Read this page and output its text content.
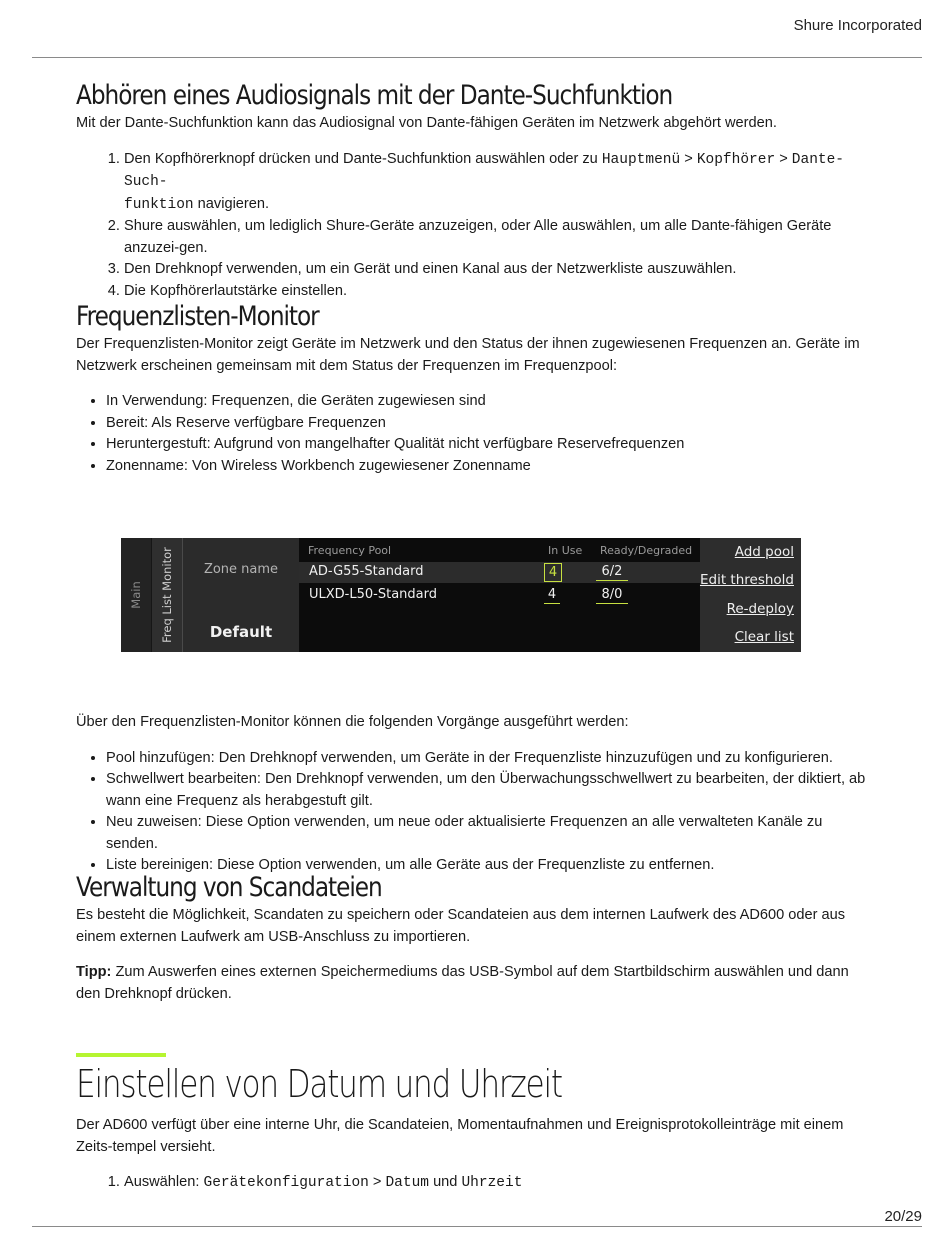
Shure Incorporated
Abhören eines Audiosignals mit der Dante-Suchfunktion

Mit der Dante-Suchfunktion kann das Audiosignal von Dante-fähigen Geräten im Netzwerk abgehört werden.

1. Den Kopfhörerknopf drücken und Dante-Suchfunktion auswählen oder zu Hauptmenü > Kopfhörer > Dante-Such-
funktion navigieren.
2. Shure auswählen, um lediglich Shure-Geräte anzuzeigen, oder Alle auswählen, um alle Dante-fähigen Geräte anzuzei-gen.
3. Den Drehknopf verwenden, um ein Gerät und einen Kanal aus der Netzwerkliste auszuwählen.
4. Die Kopfhörerlautstärke einstellen.
Frequenzlisten-Monitor

Der Frequenzlisten-Monitor zeigt Geräte im Netzwerk und den Status der ihnen zugewiesenen Frequenzen an. Geräte im Netzwerk erscheinen gemeinsam mit dem Status der Frequenzen im Frequenzpool:

• In Verwendung: Frequenzen, die Geräten zugewiesen sind
• Bereit: Als Reserve verfügbare Frequenzen
• Heruntergestuft: Aufgrund von mangelhafter Qualität nicht verfügbare Reservefrequenzen
• Zonenname: Von Wireless Workbench zugewiesener Zonenname
Main Freq List Monitor	Zone name
Default
Frequency Pool	In Use Ready/Degraded
AD-G55-Standard	4	6/2
ULXD-L50-Standard	4	8/0
Add pool
Edit threshold
Re-deploy
Clear list

Über den Frequenzlisten-Monitor können die folgenden Vorgänge ausgeführt werden:

• Pool hinzufügen: Den Drehknopf verwenden, um Geräte in der Frequenzliste hinzuzufügen und zu konfigurieren.
• Schwellwert bearbeiten: Den Drehknopf verwenden, um den Überwachungsschwellwert zu bearbeiten, der diktiert, ab wann eine Frequenz als herabgestuft gilt.
• Neu zuweisen: Diese Option verwenden, um neue oder aktualisierte Frequenzen an alle verwalteten Kanäle zu senden.
• Liste bereinigen: Diese Option verwenden, um alle Geräte aus der Frequenzliste zu entfernen.
Verwaltung von Scandateien

Es besteht die Möglichkeit, Scandaten zu speichern oder Scandateien aus dem internen Laufwerk des AD600 oder aus einem externen Laufwerk am USB-Anschluss zu importieren.

Tipp: Zum Auswerfen eines externen Speichermediums das USB-Symbol auf dem Startbildschirm auswählen und dann den Drehknopf drücken.

Einstellen von Datum und Uhrzeit

Der AD600 verfügt über eine interne Uhr, die Scandateien, Momentaufnahmen und Ereignisprotokolleinträge mit einem Zeits-tempel versieht.

1. Auswählen: Gerätekonfiguration > Datum und Uhrzeit
20/29
